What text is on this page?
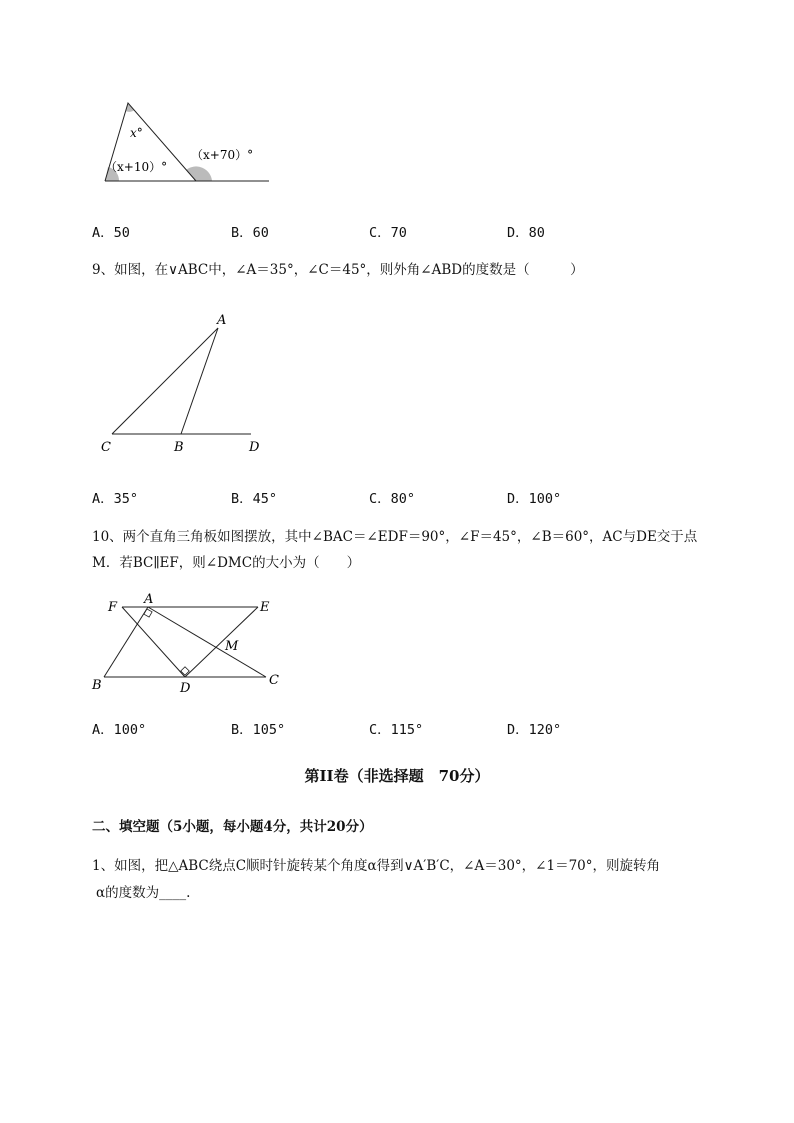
x°
（x+10）°
（x+70）°
A．50	B．60	C．70	D．80
9、如图，在∨ABC中，∠A＝35°，∠C＝45°，则外角∠ABD的度数是（　　　）
A
C	B	D
A．35°	B．45°	C．80°	D．100°
10、两个直角三角板如图摆放，其中∠BAC＝∠EDF＝90°，∠F＝45°，∠B＝60°，AC与DE交于点
M．若BC∥EF，则∠DMC的大小为（　　）
F
A
E
M
B	D
C
A．100°	B．105°	C．115°	D．120°
第II卷（非选择题　70分）
二、填空题（5小题，每小题4分，共计20分）
1、如图，把△ABC绕点C顺时针旋转某个角度α得到∨A′B′C，∠A＝30°，∠1＝70°，则旋转角
α的度数为____.
